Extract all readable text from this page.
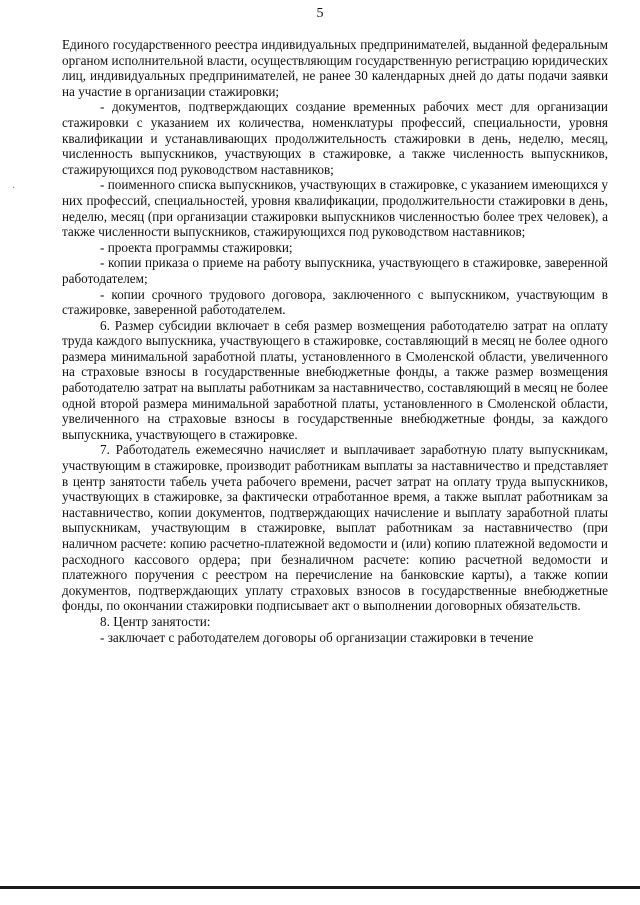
5
·

Единого государственного реестра индивидуальных предпринимателей, выданной федеральным органом исполнительной власти, осуществляющим государственную регистрацию юридических лиц, индивидуальных предпринимателей, не ранее 30 календарных дней до даты подачи заявки на участие в организации стажировки;

- документов, подтверждающих создание временных рабочих мест для организации стажировки с указанием их количества, номенклатуры профессий, специальности, уровня квалификации и устанавливающих продолжительность стажировки в день, неделю, месяц, численность выпускников, участвующих в стажировке, а также численность выпускников, стажирующихся под руководством наставников;

- поименного списка выпускников, участвующих в стажировке, с указанием имеющихся у них профессий, специальностей, уровня квалификации, продолжительности стажировки в день, неделю, месяц (при организации стажировки выпускников численностью более трех человек), а также численности выпускников, стажирующихся под руководством наставников;

- проекта программы стажировки;

- копии приказа о приеме на работу выпускника, участвующего в стажировке, заверенной работодателем;

- копии срочного трудового договора, заключенного с выпускником, участвующим в стажировке, заверенной работодателем.

6. Размер субсидии включает в себя размер возмещения работодателю затрат на оплату труда каждого выпускника, участвующего в стажировке, составляющий в месяц не более одного размера минимальной заработной платы, установленного в Смоленской области, увеличенного на страховые взносы в государственные внебюджетные фонды, а также размер возмещения работодателю затрат на выплаты работникам за наставничество, составляющий в месяц не более одной второй размера минимальной заработной платы, установленного в Смоленской области, увеличенного на страховые взносы в государственные внебюджетные фонды, за каждого выпускника, участвующего в стажировке.

7. Работодатель ежемесячно начисляет и выплачивает заработную плату выпускникам, участвующим в стажировке, производит работникам выплаты за наставничество и представляет в центр занятости табель учета рабочего времени, расчет затрат на оплату труда выпускников, участвующих в стажировке, за фактически отработанное время, а также выплат работникам за наставничество, копии документов, подтверждающих начисление и выплату заработной платы выпускникам, участвующим в стажировке, выплат работникам за наставничество (при наличном расчете: копию расчетно-платежной ведомости и (или) копию платежной ведомости и расходного кассового ордера; при безналичном расчете: копию расчетной ведомости и платежного поручения с реестром на перечисление на банковские карты), а также копии документов, подтверждающих уплату страховых взносов в государственные внебюджетные фонды, по окончании стажировки подписывает акт о выполнении договорных обязательств.

8. Центр занятости:

- заключает с работодателем договоры об организации стажировки в течение
